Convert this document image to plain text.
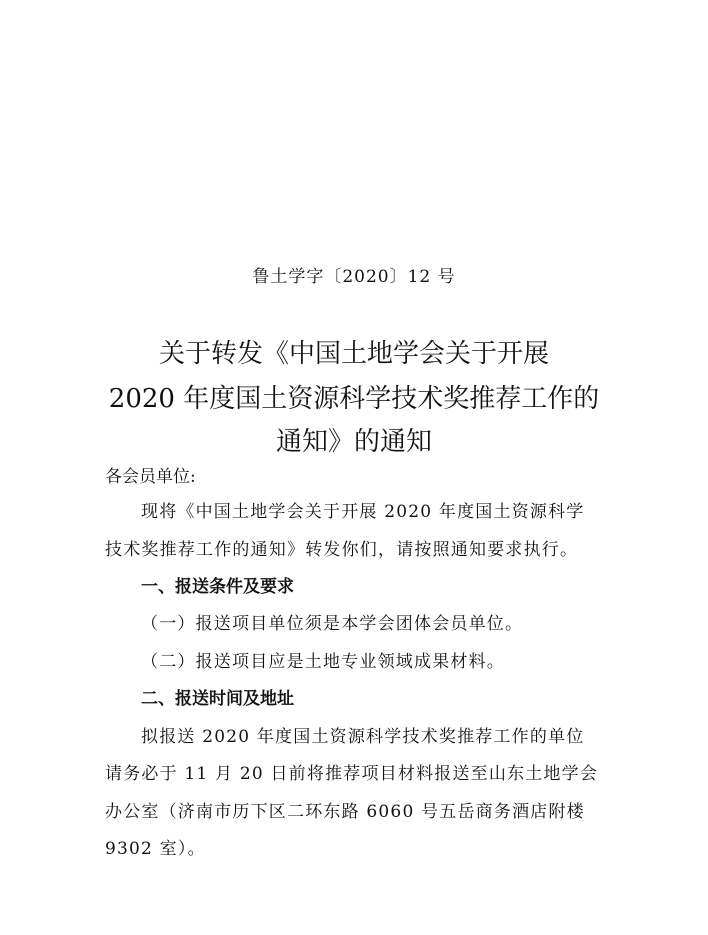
鲁土学字〔2020〕12 号
关于转发《中国土地学会关于开展
2020 年度国土资源科学技术奖推荐工作的
通知》的通知
各会员单位:
现将《中国土地学会关于开展 2020 年度国土资源科学
技术奖推荐工作的通知》转发你们，请按照通知要求执行。
一、报送条件及要求
（一）报送项目单位须是本学会团体会员单位。
（二）报送项目应是土地专业领域成果材料。
二、报送时间及地址
拟报送 2020 年度国土资源科学技术奖推荐工作的单位
请务必于 11 月 20 日前将推荐项目材料报送至山东土地学会
办公室（济南市历下区二环东路 6060 号五岳商务酒店附楼
9302 室）。
